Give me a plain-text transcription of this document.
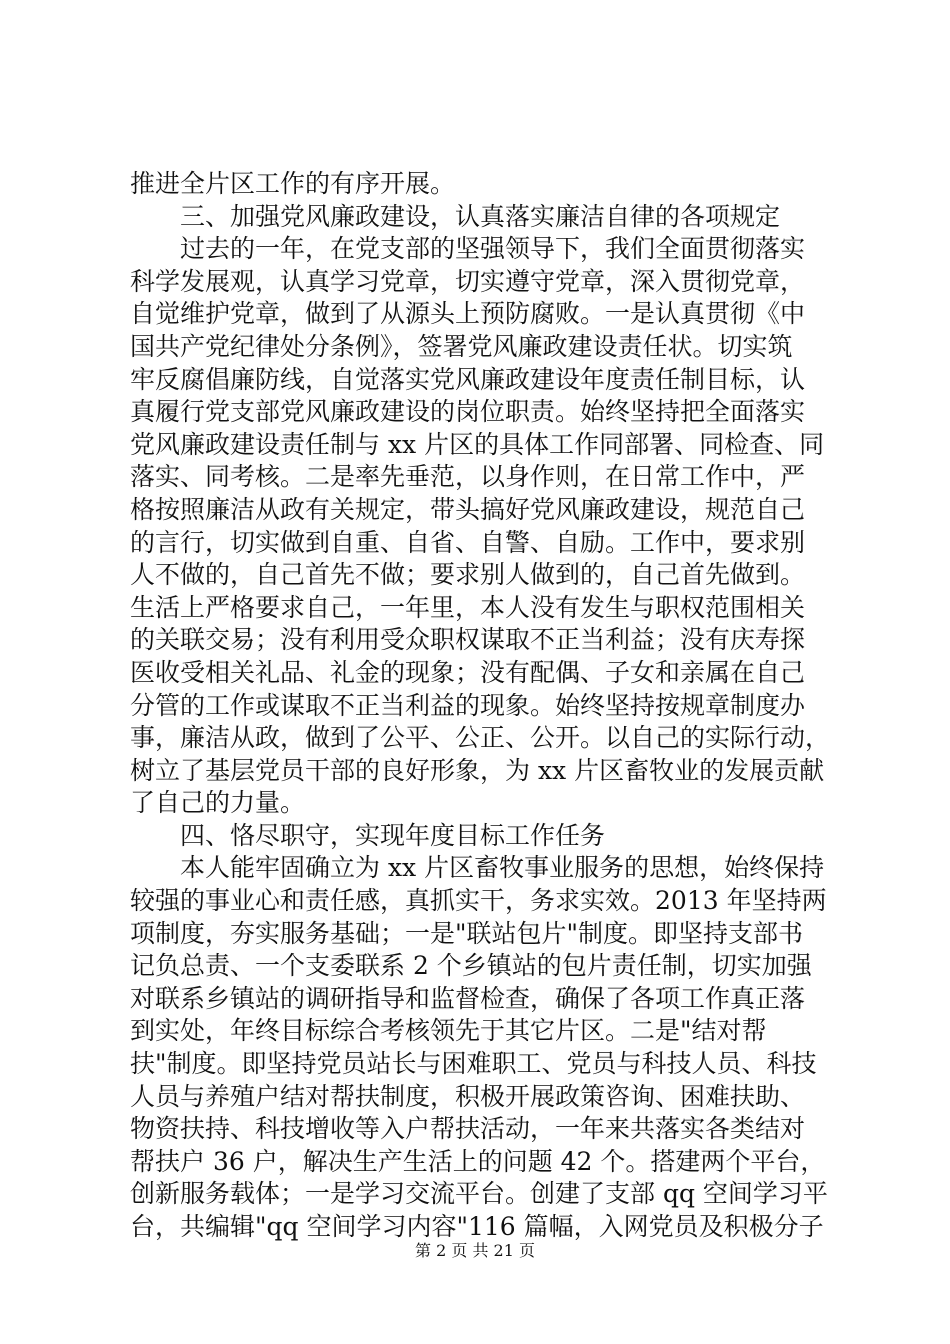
推进全片区工作的有序开展。
三、加强党风廉政建设，认真落实廉洁自律的各项规定
过去的一年，在党支部的坚强领导下，我们全面贯彻落实
科学发展观，认真学习党章，切实遵守党章，深入贯彻党章，
自觉维护党章，做到了从源头上预防腐败。一是认真贯彻《中
国共产党纪律处分条例》，签署党风廉政建设责任状。切实筑
牢反腐倡廉防线，自觉落实党风廉政建设年度责任制目标，认
真履行党支部党风廉政建设的岗位职责。始终坚持把全面落实
党风廉政建设责任制与 xx 片区的具体工作同部署、同检查、同
落实、同考核。二是率先垂范，以身作则，在日常工作中，严
格按照廉洁从政有关规定，带头搞好党风廉政建设，规范自己
的言行，切实做到自重、自省、自警、自励。工作中，要求别
人不做的，自己首先不做；要求别人做到的，自己首先做到。
生活上严格要求自己，一年里，本人没有发生与职权范围相关
的关联交易；没有利用受众职权谋取不正当利益；没有庆寿探
医收受相关礼品、礼金的现象；没有配偶、子女和亲属在自己
分管的工作或谋取不正当利益的现象。始终坚持按规章制度办
事，廉洁从政，做到了公平、公正、公开。以自己的实际行动，
树立了基层党员干部的良好形象，为 xx 片区畜牧业的发展贡献
了自己的力量。
四、恪尽职守，实现年度目标工作任务
本人能牢固确立为 xx 片区畜牧事业服务的思想，始终保持
较强的事业心和责任感，真抓实干，务求实效。2013 年坚持两
项制度，夯实服务基础；一是"联站包片"制度。即坚持支部书
记负总责、一个支委联系 2 个乡镇站的包片责任制，切实加强
对联系乡镇站的调研指导和监督检查，确保了各项工作真正落
到实处，年终目标综合考核领先于其它片区。二是"结对帮
扶"制度。即坚持党员站长与困难职工、党员与科技人员、科技
人员与养殖户结对帮扶制度，积极开展政策咨询、困难扶助、
物资扶持、科技增收等入户帮扶活动，一年来共落实各类结对
帮扶户 36 户，解决生产生活上的问题 42 个。搭建两个平台，
创新服务载体；一是学习交流平台。创建了支部 qq 空间学习平
台，共编辑"qq 空间学习内容"116 篇幅，入网党员及积极分子
第 2 页 共 21 页
